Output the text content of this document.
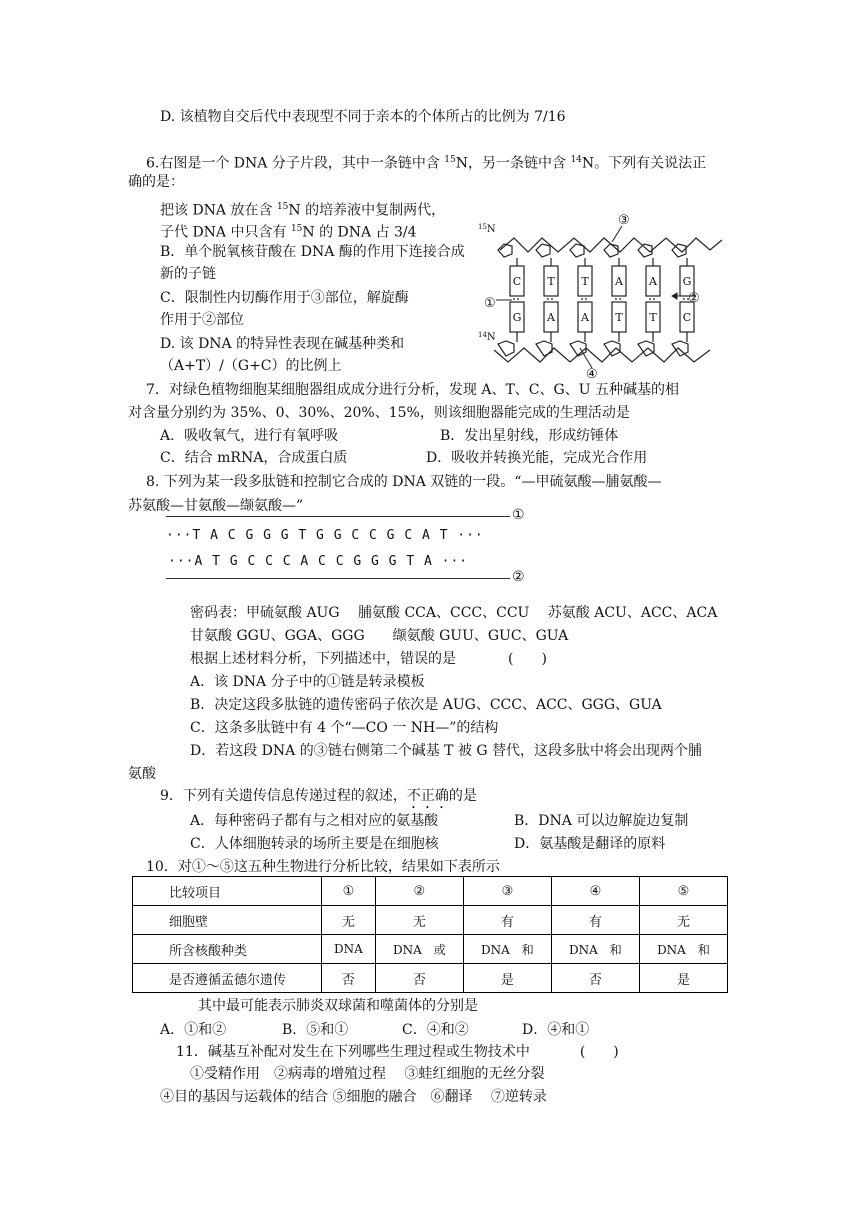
D. 该植物自交后代中表现型不同于亲本的个体所占的比例为 7/16
6.右图是一个 DNA 分子片段，其中一条链中含 $^{15}$N，另一条链中含 $^{14}$N。下列有关说法正
确的是：
把该 DNA 放在含 $^{15}$N 的培养液中复制两代，
子代 DNA 中只含有 $^{15}$N 的 DNA 占 3/4
B．单个脱氧核苷酸在 DNA 酶的作用下连接合成
新的子链
C．限制性内切酶作用于③部位，解旋酶
作用于②部位
D. 该 DNA 的特异性表现在碱基种类和
（A+T）/（G+C）的比例上
C
G
T
A
T
A
A
T
A
T
G
C
$^{15}$N
$^{14}$N
①	②
③
④
7．对绿色植物细胞某细胞器组成成分进行分析，发现 A、T、C、G、U 五种碱基的相
对含量分别约为 35%、0、30%、20%、15%，则该细胞器能完成的生理活动是
A．吸收氧气，进行有氧呼吸	B．发出星射线，形成纺锤体
C．结合 mRNA，合成蛋白质	D．吸收并转换光能，完成光合作用
8. 下列为某一段多肽链和控制它合成的 DNA 双链的一段。“—甲硫氨酸—脯氨酸—
苏氨酸—甘氨酸—缬氨酸—”
···T A C G G G T G G C C G C A T ···
···A T G C C C A C C G G G T A ···
①
②
密码表：甲硫氨酸 AUG　 脯氨酸 CCA、CCC、CCU　 苏氨酸 ACU、ACC、ACA
甘氨酸 GGU、GGA、GGG　　缬氨酸 GUU、GUC、GUA
根据上述材料分析，下列描述中，错误的是	(　　)
A．该 DNA 分子中的①链是转录模板
B．决定这段多肽链的遗传密码子依次是 AUG、CCC、ACC、GGG、GUA
C．这条多肽链中有 4 个“—CO 一 NH—”的结构
D．若这段 DNA 的③链右侧第二个碱基 T 被 G 替代，这段多肽中将会出现两个脯
氨酸
9．下列有关遗传信息传递过程的叙述，不正确的是
A．每种密码子都有与之相对应的氨基酸	B．DNA 可以边解旋边复制
C．人体细胞转录的场所主要是在细胞核	D．氨基酸是翻译的原料
10．对①～⑤这五种生物进行分析比较，结果如下表所示
比较项目	①	②	③	④	⑤
细胞壁	无	无	有	有	无
所含核酸种类	DNA	DNA　或	DNA　和	DNA　和	DNA　和
是否遵循孟德尔遗传	否	否	是	否	是
其中最可能表示肺炎双球菌和噬菌体的分别是
A．①和②	B．⑤和①	C．④和②	D．④和①
11．碱基互补配对发生在下列哪些生理过程或生物技术中	(　　)
①受精作用　②病毒的增殖过程　 ③蛙红细胞的无丝分裂
④目的基因与运载体的结合 ⑤细胞的融合　⑥翻译　 ⑦逆转录
